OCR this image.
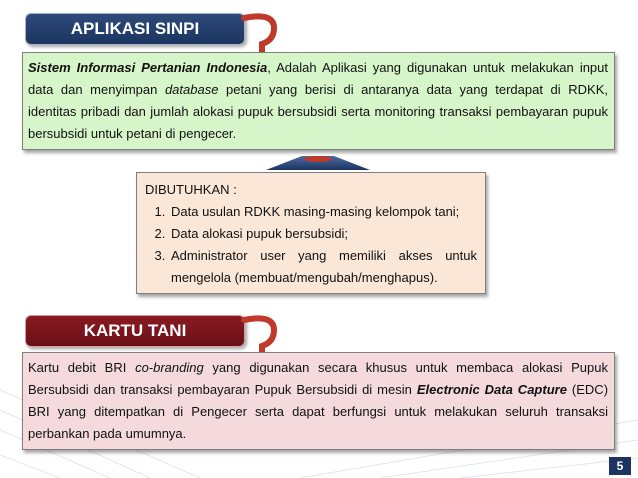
APLIKASI SINPI
Sistem Informasi Pertanian Indonesia, Adalah Aplikasi yang digunakan untuk melakukan input data dan menyimpan database petani yang berisi di antaranya data yang terdapat di RDKK, identitas pribadi dan jumlah alokasi pupuk bersubsidi serta monitoring transaksi pembayaran pupuk bersubsidi untuk petani di pengecer.
DIBUTUHKAN :
1. Data usulan RDKK masing-masing kelompok tani;
2. Data alokasi pupuk bersubsidi;
3. Administrator user yang memiliki akses untuk mengelola (membuat/mengubah/menghapus).
KARTU TANI
Kartu debit BRI co-branding yang digunakan secara khusus untuk membaca alokasi Pupuk Bersubsidi dan transaksi pembayaran Pupuk Bersubsidi di mesin Electronic Data Capture (EDC) BRI yang ditempatkan di Pengecer serta dapat berfungsi untuk melakukan seluruh transaksi perbankan pada umumnya.
5
